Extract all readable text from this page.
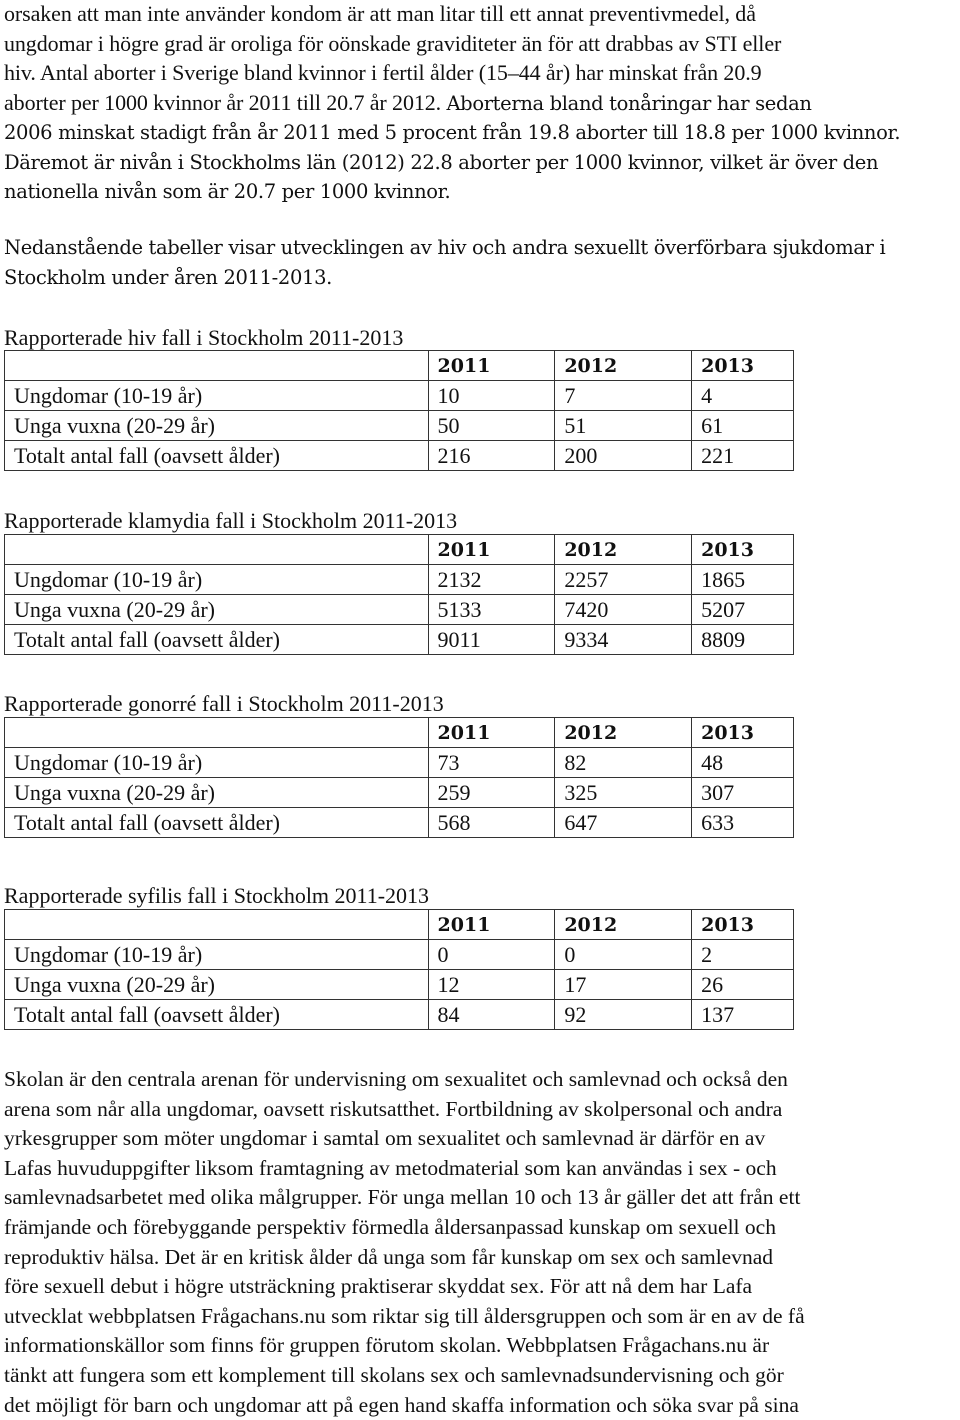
orsaken att man inte använder kondom är att man litar till ett annat preventivmedel, då
ungdomar i högre grad är oroliga för oönskade graviditeter än för att drabbas av STI eller
hiv. Antal aborter i Sverige bland kvinnor i fertil ålder (15–44 år) har minskat från 20.9
aborter per 1000 kvinnor år 2011 till 20.7 år 2012. Aborterna bland tonåringar har sedan
2006 minskat stadigt från år 2011 med 5 procent från 19.8 aborter till 18.8 per 1000 kvinnor.
Däremot är nivån i Stockholms län (2012) 22.8 aborter per 1000 kvinnor, vilket är över den
nationella nivån som är 20.7 per 1000 kvinnor.
Nedanstående tabeller visar utvecklingen av hiv och andra sexuellt överförbara sjukdomar i
Stockholm under åren 2011-2013.

Rapporterade hiv fall i Stockholm 2011-2013

	2011	2012	2013
Ungdomar (10-19 år)	10	7	4
Unga vuxna (20-29 år)	50	51	61
Totalt antal fall (oavsett ålder)	216	200	221

Rapporterade klamydia fall i Stockholm 2011-2013

	2011	2012	2013
Ungdomar (10-19 år)	2132	2257	1865
Unga vuxna (20-29 år)	5133	7420	5207
Totalt antal fall (oavsett ålder)	9011	9334	8809

Rapporterade gonorré fall i Stockholm 2011-2013

	2011	2012	2013
Ungdomar (10-19 år)	73	82	48
Unga vuxna (20-29 år)	259	325	307
Totalt antal fall (oavsett ålder)	568	647	633

Rapporterade syfilis fall i Stockholm 2011-2013

	2011	2012	2013
Ungdomar (10-19 år)	0	0	2
Unga vuxna (20-29 år)	12	17	26
Totalt antal fall (oavsett ålder)	84	92	137
Skolan är den centrala arenan för undervisning om sexualitet och samlevnad och också den
arena som når alla ungdomar, oavsett riskutsatthet. Fortbildning av skolpersonal och andra
yrkesgrupper som möter ungdomar i samtal om sexualitet och samlevnad är därför en av
Lafas huvuduppgifter liksom framtagning av metodmaterial som kan användas i sex - och
samlevnadsarbetet med olika målgrupper. För unga mellan 10 och 13 år gäller det att från ett
främjande och förebyggande perspektiv förmedla åldersanpassad kunskap om sexuell och
reproduktiv hälsa. Det är en kritisk ålder då unga som får kunskap om sex och samlevnad
före sexuell debut i högre utsträckning praktiserar skyddat sex. För att nå dem har Lafa
utvecklat webbplatsen Frågachans.nu som riktar sig till åldersgruppen och som är en av de få
informationskällor som finns för gruppen förutom skolan. Webbplatsen Frågachans.nu är
tänkt att fungera som ett komplement till skolans sex och samlevnadsundervisning och gör
det möjligt för barn och ungdomar att på egen hand skaffa information och söka svar på sina
